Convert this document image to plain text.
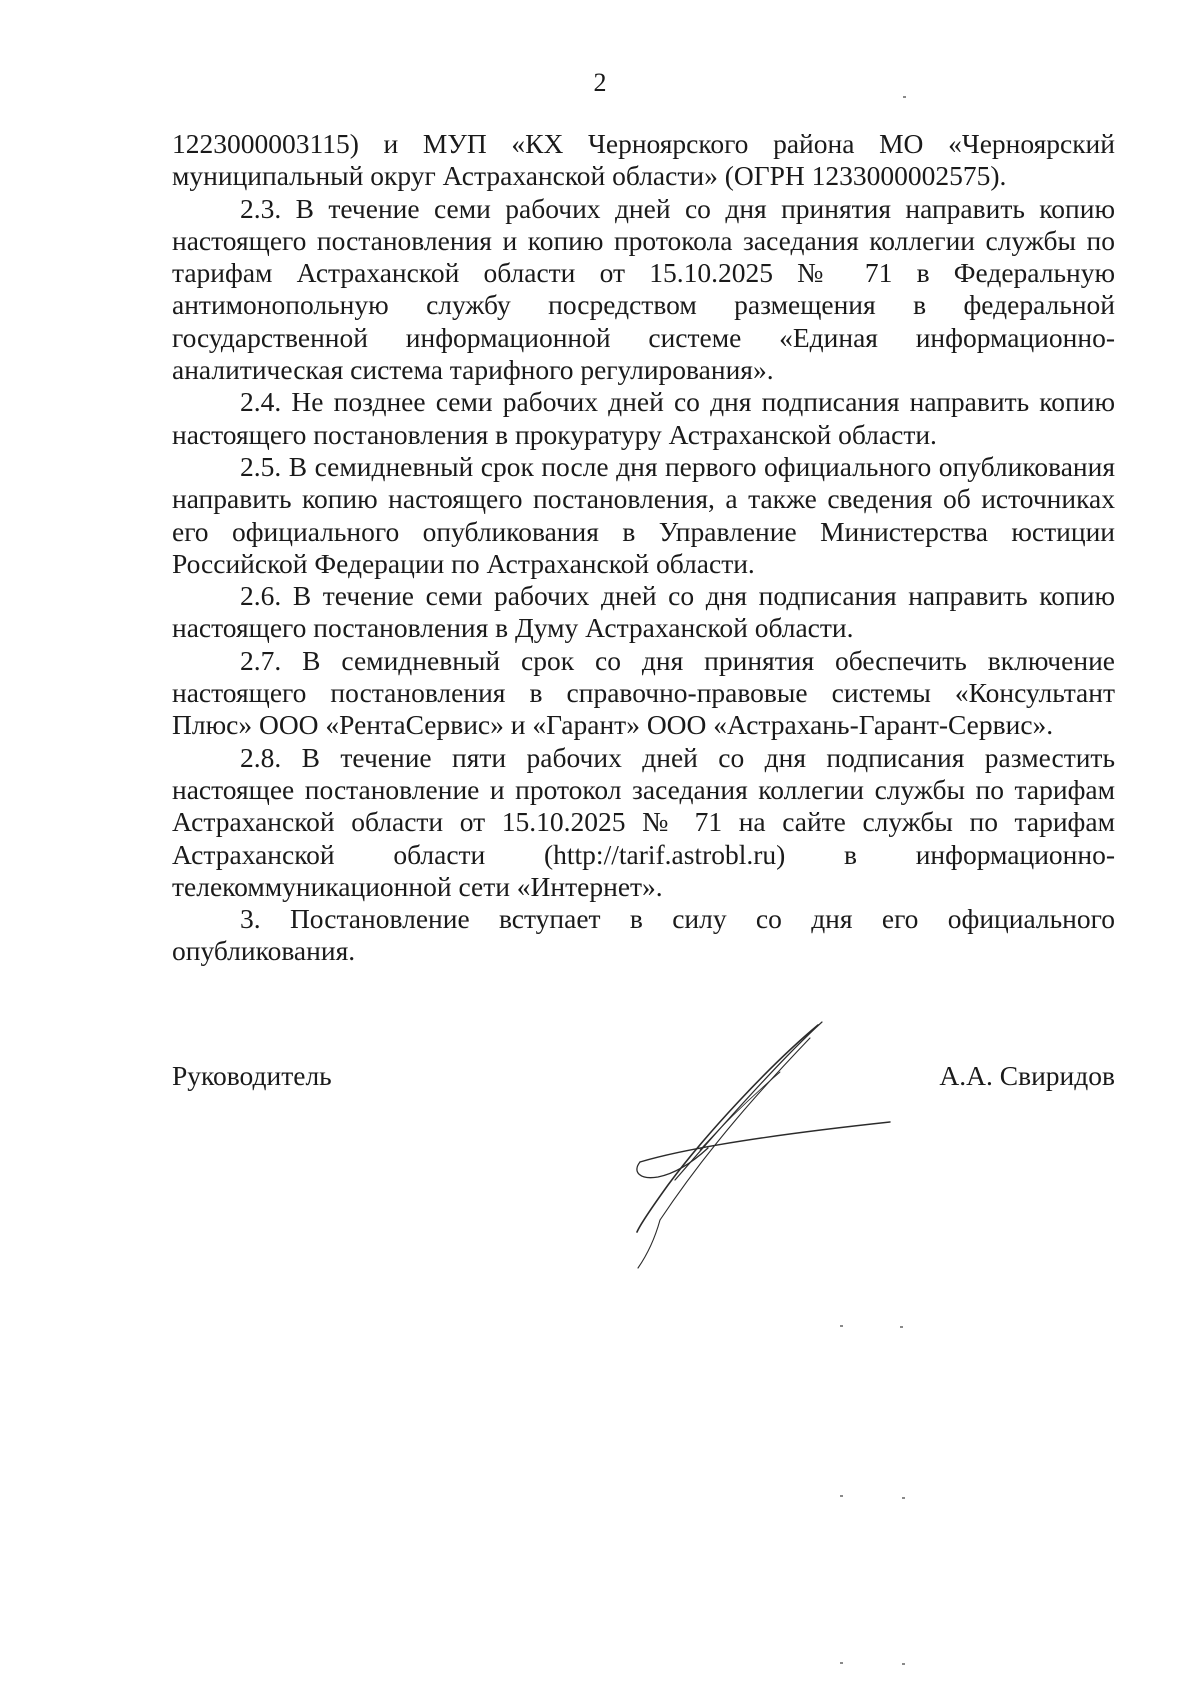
2

1223000003115) и МУП «КХ Черноярского района МО «Черноярский муниципальный округ Астраханской области» (ОГРН 1233000002575).

2.3. В течение семи рабочих дней со дня принятия направить копию настоящего постановления и копию протокола заседания коллегии службы по тарифам Астраханской области от 15.10.2025 № 71 в Федеральную антимонопольную службу посредством размещения в федеральной государственной информационной системе «Единая информационно-аналитическая система тарифного регулирования».

2.4. Не позднее семи рабочих дней со дня подписания направить копию настоящего постановления в прокуратуру Астраханской области.

2.5. В семидневный срок после дня первого официального опубликования направить копию настоящего постановления, а также сведения об источниках его официального опубликования в Управление Министерства юстиции Российской Федерации по Астраханской области.

2.6. В течение семи рабочих дней со дня подписания направить копию настоящего постановления в Думу Астраханской области.

2.7. В семидневный срок со дня принятия обеспечить включение настоящего постановления в справочно-правовые системы «Консультант Плюс» ООО «РентаСервис» и «Гарант» ООО «Астрахань-Гарант-Сервис».

2.8. В течение пяти рабочих дней со дня подписания разместить настоящее постановление и протокол заседания коллегии службы по тарифам Астраханской области от 15.10.2025 № 71 на сайте службы по тарифам Астраханской области (http://tarif.astrobl.ru) в информационно-телекоммуникационной сети «Интернет».

3. Постановление вступает в силу со дня его официального опубликования.

Руководитель	А.А. Свиридов
